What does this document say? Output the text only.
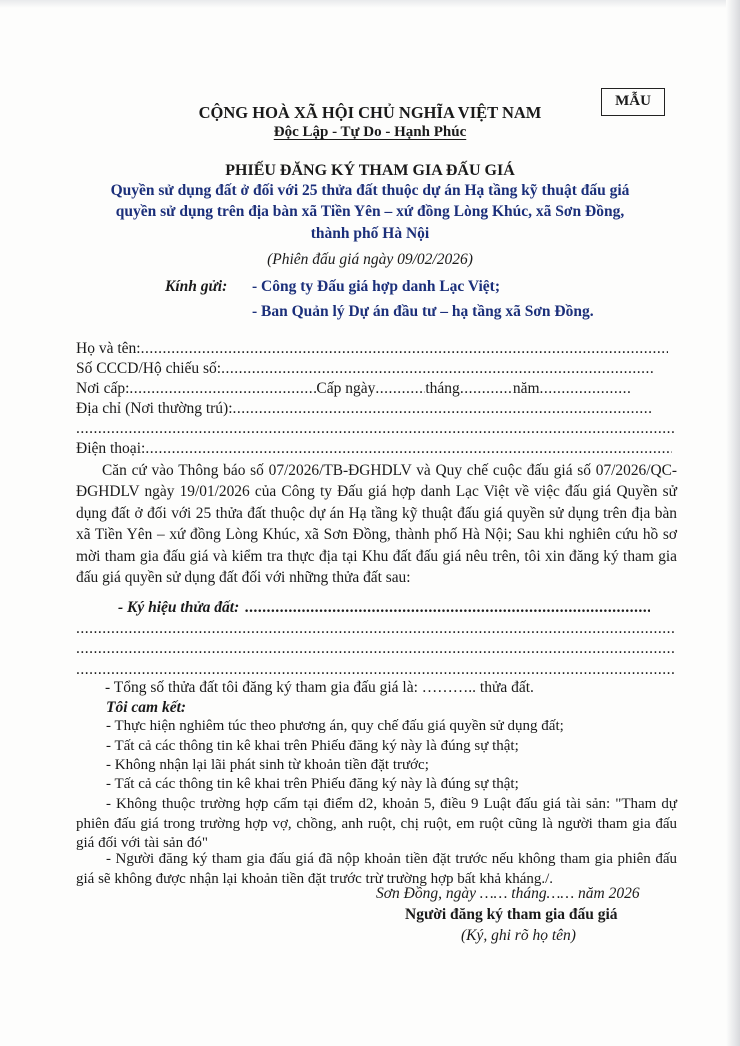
MẪU
CỘNG HOÀ XÃ HỘI CHỦ NGHĨA VIỆT NAM
Độc Lập - Tự Do - Hạnh Phúc
PHIẾU ĐĂNG KÝ THAM GIA ĐẤU GIÁ
Quyền sử dụng đất ở đối với 25 thửa đất thuộc dự án Hạ tầng kỹ thuật đấu giá
quyền sử dụng trên địa bàn xã Tiền Yên – xứ đồng Lòng Khúc, xã Sơn Đồng,
thành phố Hà Nội
(Phiên đấu giá ngày 09/02/2026)
Kính gửi: - Công ty Đấu giá hợp danh Lạc Việt;
- Ban Quản lý Dự án đầu tư – hạ tầng xã Sơn Đồng.
Họ và tên:.....
Số CCCD/Hộ chiếu số:.....
Nơi cấp: .....	Cấp ngày .....	tháng .....	năm.....
Địa chỉ (Nơi thường trú):.....
.....
Điện thoại:.....
Căn cứ vào Thông báo số 07/2026/TB-ĐGHDLV và Quy chế cuộc đấu giá số 07/2026/QC-ĐGHDLV ngày 19/01/2026 của Công ty Đấu giá hợp danh Lạc Việt về việc đấu giá Quyền sử dụng đất ở đối với 25 thửa đất thuộc dự án Hạ tầng kỹ thuật đấu giá quyền sử dụng trên địa bàn xã Tiền Yên – xứ đồng Lòng Khúc, xã Sơn Đồng, thành phố Hà Nội; Sau khi nghiên cứu hồ sơ mời tham gia đấu giá và kiểm tra thực địa tại Khu đất đấu giá nêu trên, tôi xin đăng ký tham gia đấu giá quyền sử dụng đất đối với những thửa đất sau:
- Ký hiệu thửa đất:.....
.....
.....
.....
- Tổng số thửa đất tôi đăng ký tham gia đấu giá là: ……….. thửa đất.
Tôi cam kết:
- Thực hiện nghiêm túc theo phương án, quy chế đấu giá quyền sử dụng đất;
- Tất cả các thông tin kê khai trên Phiếu đăng ký này là đúng sự thật;
- Không nhận lại lãi phát sinh từ khoản tiền đặt trước;
- Tất cả các thông tin kê khai trên Phiếu đăng ký này là đúng sự thật;
- Không thuộc trường hợp cấm tại điểm d2, khoản 5, điều 9 Luật đấu giá tài sản: "Tham dự phiên đấu giá trong trường hợp vợ, chồng, anh ruột, chị ruột, em ruột cũng là người tham gia đấu giá đối với tài sản đó"
- Người đăng ký tham gia đấu giá đã nộp khoản tiền đặt trước nếu không tham gia phiên đấu giá sẽ không được nhận lại khoản tiền đặt trước trừ trường hợp bất khả kháng./.
Sơn Đồng, ngày …… tháng…… năm 2026
Người đăng ký tham gia đấu giá
(Ký, ghi rõ họ tên)
